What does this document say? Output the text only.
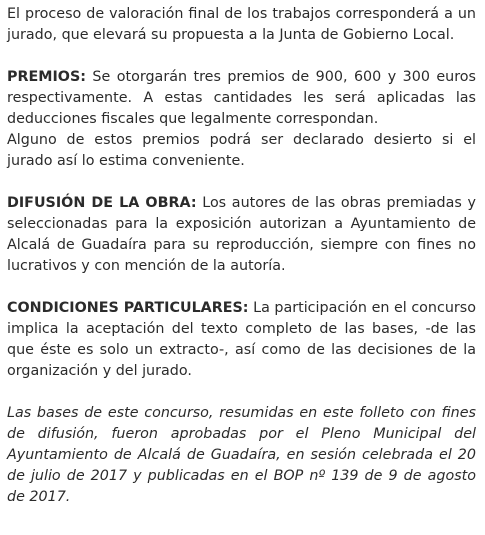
El proceso de valoración final de los trabajos corresponderá a un jurado, que elevará su propuesta a la Junta de Gobierno Local.

PREMIOS: Se otorgarán tres premios de 900, 600 y 300 euros respectivamente. A estas cantidades les será aplicadas las deducciones fiscales que legalmente correspondan.
Alguno de estos premios podrá ser declarado desierto si el jurado así lo estima conveniente.

DIFUSIÓN DE LA OBRA: Los autores de las obras premiadas y seleccionadas para la exposición autorizan a Ayuntamiento de Alcalá de Guadaíra para su reproducción, siempre con fines no lucrativos y con mención de la autoría.

CONDICIONES PARTICULARES: La participación en el concurso implica la aceptación del texto completo de las bases, -de las que éste es solo un extracto-, así como de las decisiones de la organización y del jurado.

Las bases de este concurso, resumidas en este folleto con fines de difusión, fueron aprobadas por el Pleno Municipal del Ayuntamiento de Alcalá de Guadaíra, en sesión celebrada el 20 de julio de 2017 y publicadas en el BOP nº 139 de 9 de agosto de 2017.
